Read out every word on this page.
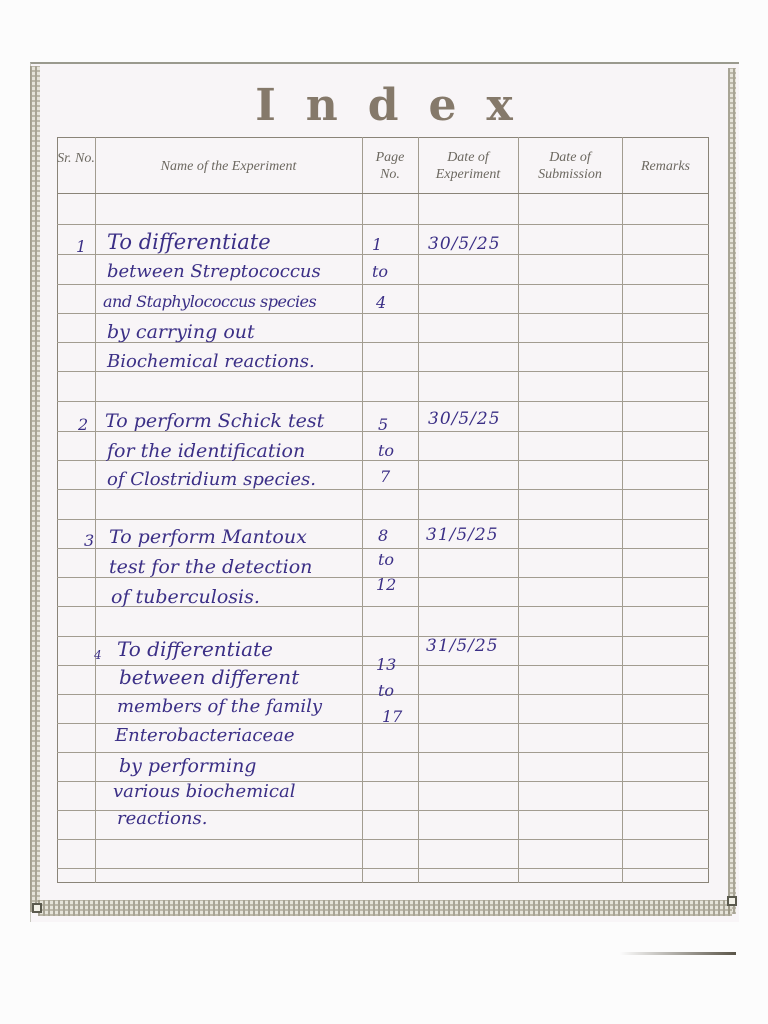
Index
Sr. No.
Name of the Experiment
Page No.
Date of Experiment
Date of Submission
Remarks
1 To differentiate
between Streptococcus
and Staphylococcus species
by carrying out
Biochemical reactions.
1
to
4
30/5/25
2 To perform Schick test
for the identification
of Clostridium species.
5
to
7
30/5/25
3 To perform Mantoux
test for the detection
of tuberculosis.
8
to
12
31/5/25
4 To differentiate
between different
members of the family
Enterobacteriaceae
by performing
various biochemical
reactions.
13
to
17
31/5/25
